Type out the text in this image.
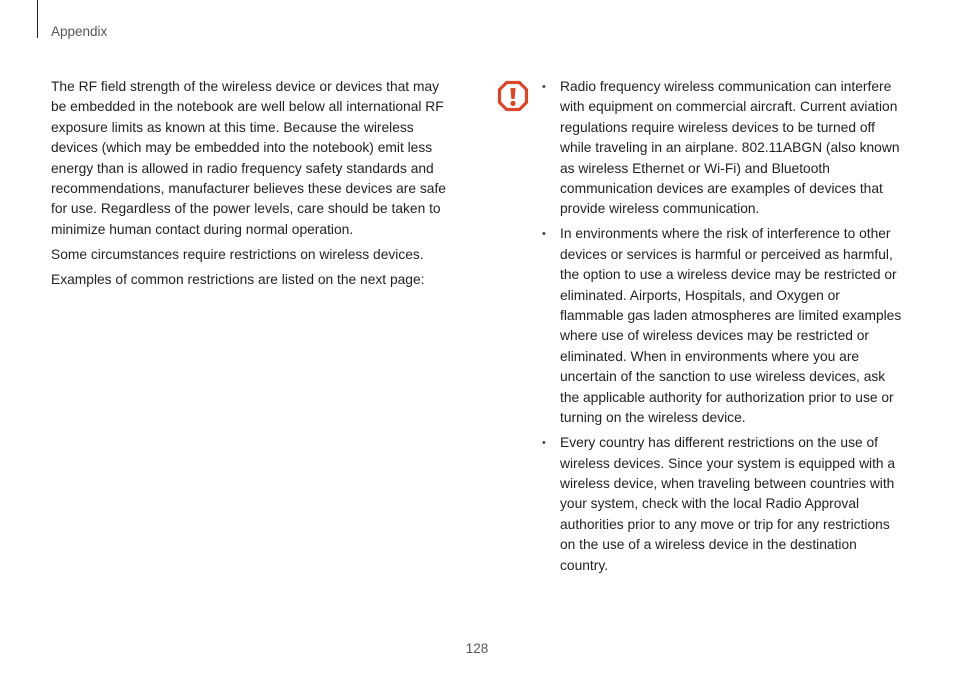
Appendix

The RF field strength of the wireless device or devices that may be embedded in the notebook are well below all international RF exposure limits as known at this time. Because the wireless devices (which may be embedded into the notebook) emit less energy than is allowed in radio frequency safety standards and recommendations, manufacturer believes these devices are safe for use. Regardless of the power levels, care should be taken to minimize human contact during normal operation.

Some circumstances require restrictions on wireless devices.

Examples of common restrictions are listed on the next page:

• Radio frequency wireless communication can interfere with equipment on commercial aircraft. Current aviation regulations require wireless devices to be turned off while traveling in an airplane. 802.11ABGN (also known as wireless Ethernet or Wi-Fi) and Bluetooth communication devices are examples of devices that provide wireless communication.
• In environments where the risk of interference to other devices or services is harmful or perceived as harmful, the option to use a wireless device may be restricted or eliminated. Airports, Hospitals, and Oxygen or flammable gas laden atmospheres are limited examples where use of wireless devices may be restricted or eliminated. When in environments where you are uncertain of the sanction to use wireless devices, ask the applicable authority for authorization prior to use or turning on the wireless device.
• Every country has different restrictions on the use of wireless devices. Since your system is equipped with a wireless device, when traveling between countries with your system, check with the local Radio Approval authorities prior to any move or trip for any restrictions on the use of a wireless device in the destination country.
128
